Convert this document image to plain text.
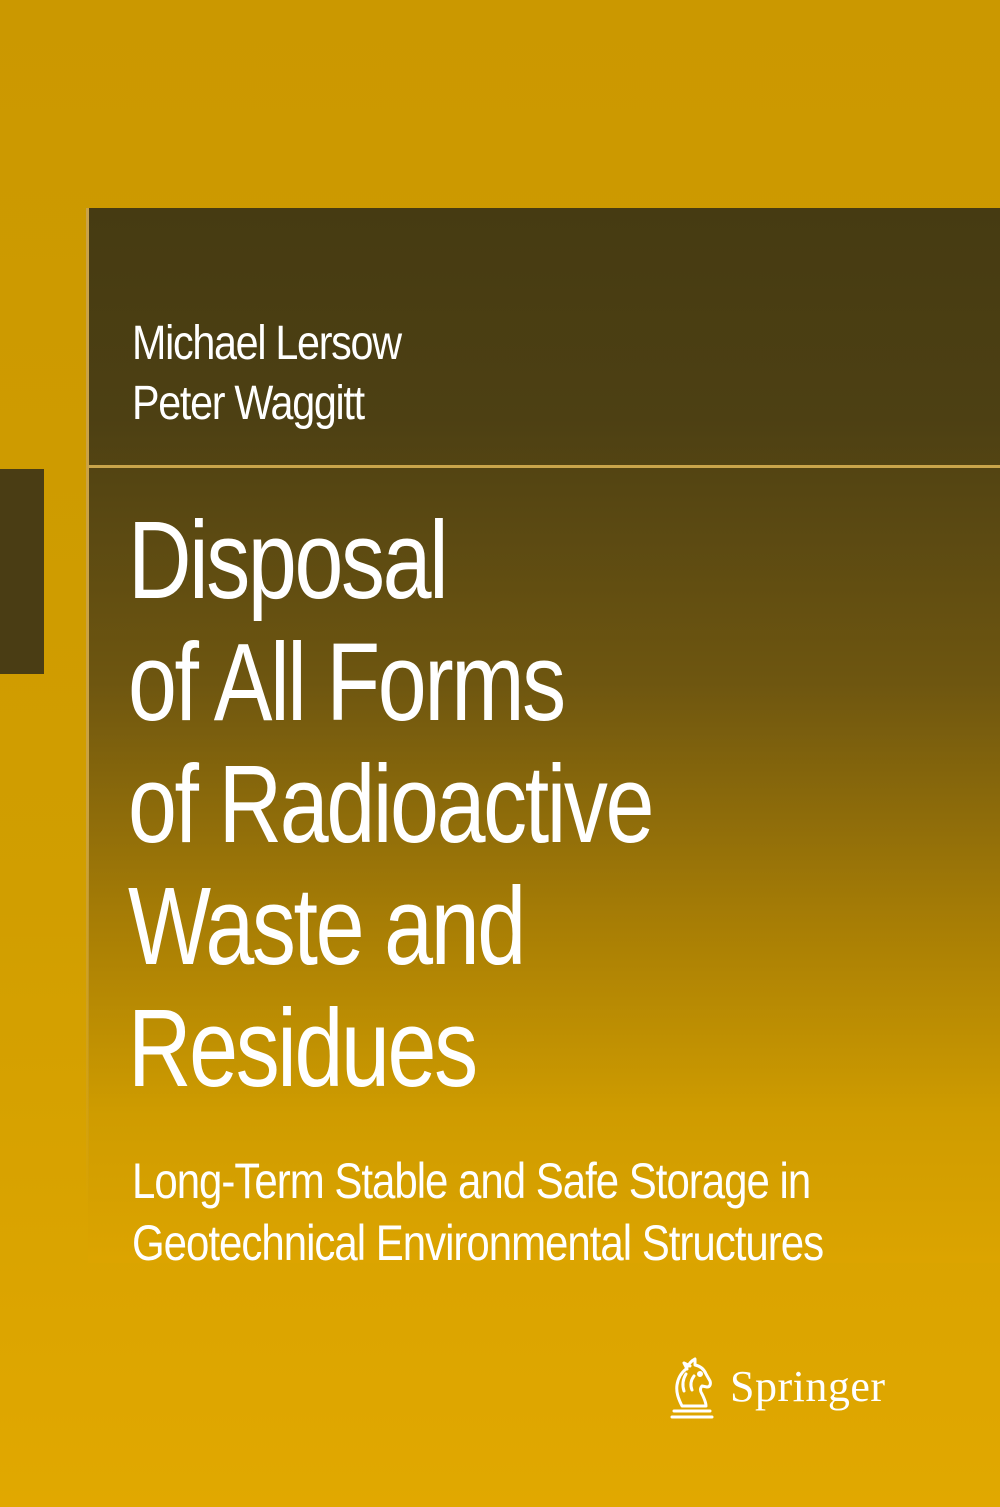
Michael Lersow
Peter Waggitt
Disposal
of All Forms
of Radioactive
Waste and
Residues
Long-Term Stable and Safe Storage in
Geotechnical Environmental Structures
Springer
